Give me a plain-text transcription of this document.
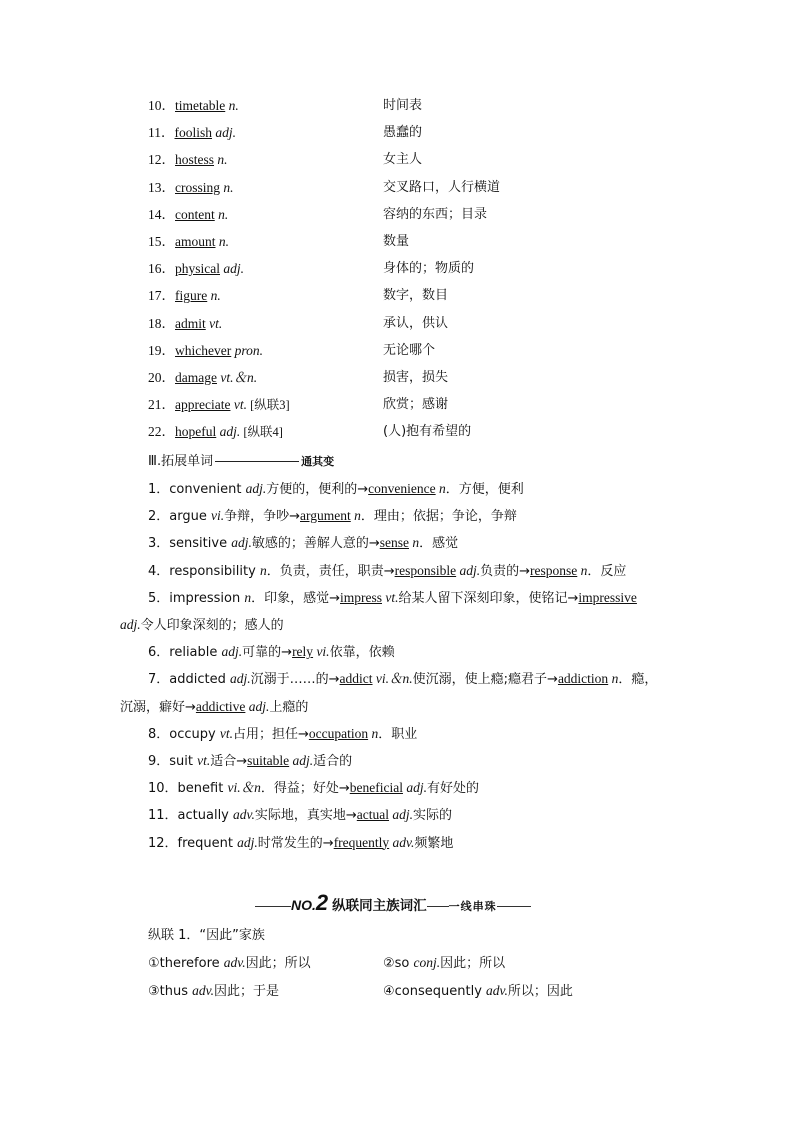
10．timetable n.	时间表
11．foolish adj.	愚蠢的
12．hostess n.	女主人
13．crossing n.	交叉路口，人行横道
14．content n.	容纳的东西；目录
15．amount n.	数量
16．physical adj.	身体的；物质的
17．figure n.	数字，数目
18．admit vt.	承认，供认
19．whichever pron.	无论哪个
20．damage vt.＆n.	损害，损失
21．appreciate vt. [纵联3]	欣赏；感谢
22．hopeful adj. [纵联4]	(人)抱有希望的
Ⅲ.拓展单词	通其变
1．convenient adj.方便的，便利的→convenience n．方便，便利
2．argue vi.争辩，争吵→argument n．理由；依据；争论，争辩
3．sensitive adj.敏感的；善解人意的→sense n．感觉
4．responsibility n．负责，责任，职责→responsible adj.负责的→response n．反应
5．impression n．印象，感觉→impress vt.给某人留下深刻印象，使铭记→impressive
adj.令人印象深刻的；感人的
6．reliable adj.可靠的→rely vi.依靠，依赖
7．addicted adj.沉溺于……的→addict vi.＆n.使沉溺，使上瘾;瘾君子→addiction n．瘾，
沉溺，癖好→addictive adj.上瘾的
8．occupy vt.占用；担任→occupation n．职业
9．suit vt.适合→suitable adj.适合的
10．benefit vi.＆n．得益；好处→beneficial adj.有好处的
11．actually adv.实际地，真实地→actual adj.实际的
12．frequent adj.时常发生的→frequently adv.频繁地
NO.2 纵联同主族词汇 一线串珠
纵联 1．“因此”家族
①therefore adv.因此；所以	②so conj.因此；所以
③thus adv.因此；于是	④consequently adv.所以；因此
